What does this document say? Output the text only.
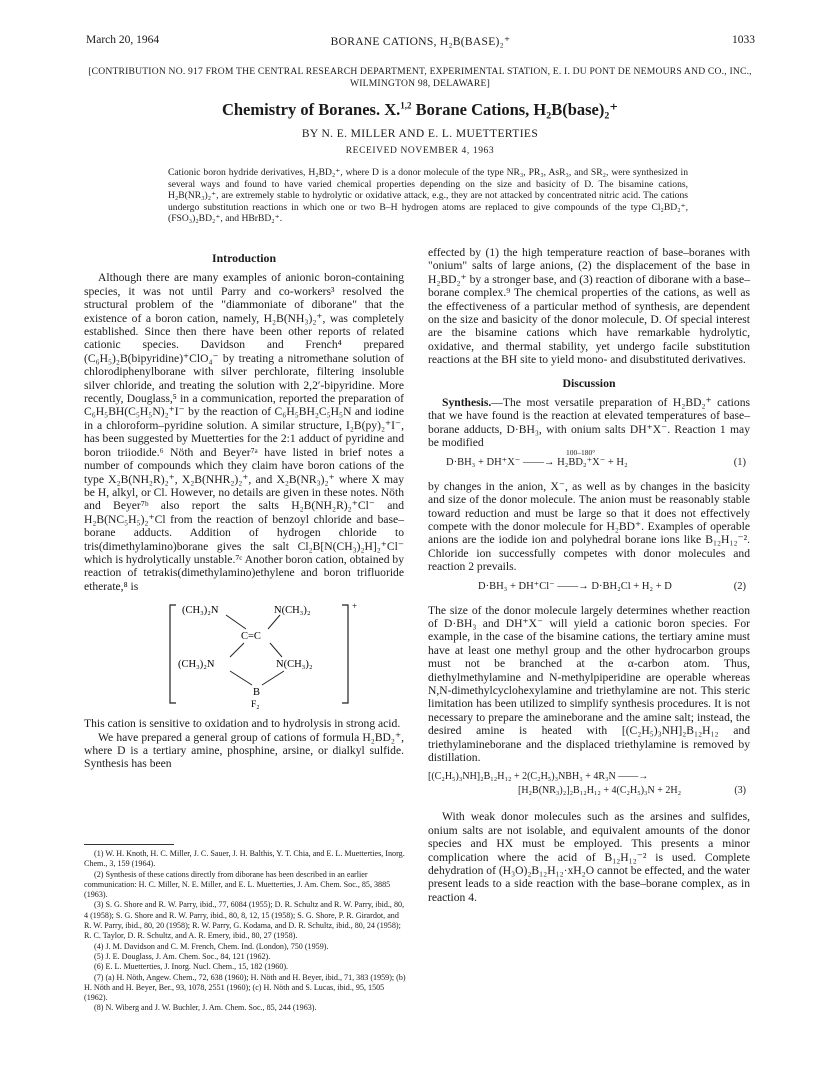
March 20, 1964	BORANE CATIONS, H₂B(BASE)₂⁺	1033
[CONTRIBUTION NO. 917 FROM THE CENTRAL RESEARCH DEPARTMENT, EXPERIMENTAL STATION, E. I. DU PONT DE NEMOURS AND CO., INC., WILMINGTON 98, DELAWARE]
Chemistry of Boranes. X.$^{1,2}$ Borane Cations, H₂B(base)₂⁺
BY N. E. MILLER AND E. L. MUETTERTIES
RECEIVED NOVEMBER 4, 1963
Cationic boron hydride derivatives, H₂BD₂⁺, where D is a donor molecule of the type NR₃, PR₃, AsR₃, and SR₂, were synthesized in several ways and found to have varied chemical properties depending on the size and basicity of D. The bisamine cations, H₂B(NR₃)₂⁺, are extremely stable to hydrolytic or oxidative attack, e.g., they are not attacked by concentrated nitric acid. The cations undergo substitution reactions in which one or two B–H hydrogen atoms are replaced to give compounds of the type Cl₂BD₂⁺, (FSO₃)₂BD₂⁺, and HBrBD₂⁺.
Introduction

Although there are many examples of anionic boron-containing species, it was not until Parry and co-workers³ resolved the structural problem of the "diammoniate of diborane" that the existence of a boron cation, namely, H₂B(NH₃)₂⁺, was completely established. Since then there have been other reports of related cationic species. Davidson and French⁴ prepared (C₆H₅)₂B(bipyridine)⁺ClO₄⁻ by treating a nitromethane solution of chlorodiphenylborane with silver perchlorate, filtering insoluble silver chloride, and treating the solution with 2,2′-bipyridine. More recently, Douglass,⁵ in a communication, reported the preparation of C₆H₅BH(C₅H₅N)₂⁺I⁻ by the reaction of C₆H₅BH₂C₅H₅N and iodine in a chloroform–pyridine solution. A similar structure, I₂B(py)₂⁺I⁻, has been suggested by Muetterties for the 2:1 adduct of pyridine and boron triiodide.⁶ Nöth and Beyer⁷ᵃ have listed in brief notes a number of compounds which they claim have boron cations of the type X₂B(NH₂R)₂⁺, X₂B(NHR₂)₂⁺, and X₂B(NR₃)₂⁺ where X may be H, alkyl, or Cl. However, no details are given in these notes. Nöth and Beyer⁷ᵇ also report the salts H₂B(NH₂R)₂⁺Cl⁻ and H₂B(NC₅H₅)₂⁺Cl from the reaction of benzoyl chloride and base–borane adducts. Addition of hydrogen chloride to tris(dimethylamino)borane gives the salt Cl₂B[N(CH₃)₂H]₂⁺Cl⁻ which is hydrolytically unstable.⁷ᶜ Another boron cation, obtained by reaction of tetrakis(dimethylamino)ethylene and boron trifluoride etherate,⁸ is

(CH₃)₂N	N(CH₃)₂
C=C
(CH₃)₂N	N(CH₃)₂
B
F₂
+

This cation is sensitive to oxidation and to hydrolysis in strong acid.

We have prepared a general group of cations of formula H₂BD₂⁺, where D is a tertiary amine, phosphine, arsine, or dialkyl sulfide. Synthesis has been

effected by (1) the high temperature reaction of base–boranes with "onium" salts of large anions, (2) the displacement of the base in H₂BD₂⁺ by a stronger base, and (3) reaction of diborane with a base–borane complex.⁹ The chemical properties of the cations, as well as the effectiveness of a particular method of synthesis, are dependent on the size and basicity of the donor molecule, D. Of special interest are the bisamine cations which have remarkable hydrolytic, oxidative, and thermal stability, yet undergo facile substitution reactions at the BH site to yield mono- and disubstituted derivatives.

Discussion

Synthesis.—The most versatile preparation of H₂BD₂⁺ cations that we have found is the reaction at elevated temperatures of base–borane adducts, D·BH₃, with onium salts DH⁺X⁻. Reaction 1 may be modified

100–180°
D·BH₃ + DH⁺X⁻ ——→ H₂BD₂⁺X⁻ + H₂	(1)

by changes in the anion, X⁻, as well as by changes in the basicity and size of the donor molecule. The anion must be reasonably stable toward reduction and must be large so that it does not effectively compete with the donor molecule for H₂BD⁺. Examples of operable anions are the iodide ion and polyhedral borane ions like B₁₂H₁₂⁻². Chloride ion successfully competes with donor molecules and reaction 2 prevails.

D·BH₃ + DH⁺Cl⁻ ——→ D·BH₂Cl + H₂ + D	(2)

The size of the donor molecule largely determines whether reaction of D·BH₃ and DH⁺X⁻ will yield a cationic boron species. For example, in the case of the bisamine cations, the tertiary amine must have at least one methyl group and the other hydrocarbon groups must not be branched at the α-carbon atom. Thus, diethylmethylamine and N-methylpiperidine are operable whereas N,N-dimethylcyclohexylamine and triethylamine are not. This steric limitation has been utilized to simplify synthesis procedures. It is not necessary to prepare the amineborane and the amine salt; instead, the desired amine is heated with [(C₂H₅)₃NH]₂B₁₂H₁₂ and triethylamineborane and the displaced triethylamine is removed by distillation.

[(C₂H₅)₃NH]₂B₁₂H₁₂ + 2(C₂H₅)₃NBH₃ + 4R₃N ——→
[H₂B(NR₃)₂]₂B₁₂H₁₂ + 4(C₂H₅)₃N + 2H₂	(3)

With weak donor molecules such as the arsines and sulfides, onium salts are not isolable, and equivalent amounts of the donor species and HX must be employed. This presents a minor complication where the acid of B₁₂H₁₂⁻² is used. Complete dehydration of (H₃O)₂B₁₂H₁₂·xH₂O cannot be effected, and the water present leads to a side reaction with the base–borane complex, as in reaction 4.

(1) W. H. Knoth, H. C. Miller, J. C. Sauer, J. H. Balthis, Y. T. Chia, and E. L. Muetterties, Inorg. Chem., 3, 159 (1964).
(2) Synthesis of these cations directly from diborane has been described in an earlier communication: H. C. Miller, N. E. Miller, and E. L. Muetterties, J. Am. Chem. Soc., 85, 3885 (1963).
(3) S. G. Shore and R. W. Parry, ibid., 77, 6084 (1955); D. R. Schultz and R. W. Parry, ibid., 80, 4 (1958); S. G. Shore and R. W. Parry, ibid., 80, 8, 12, 15 (1958); S. G. Shore, P. R. Girardot, and R. W. Parry, ibid., 80, 20 (1958); R. W. Parry, G. Kodama, and D. R. Schultz, ibid., 80, 24 (1958); R. C. Taylor, D. R. Schultz, and A. R. Emery, ibid., 80, 27 (1958).
(4) J. M. Davidson and C. M. French, Chem. Ind. (London), 750 (1959).
(5) J. E. Douglass, J. Am. Chem. Soc., 84, 121 (1962).
(6) E. L. Muetterties, J. Inorg. Nucl. Chem., 15, 182 (1960).
(7) (a) H. Nöth, Angew. Chem., 72, 638 (1960); H. Nöth and H. Beyer, ibid., 71, 383 (1959); (b) H. Nöth and H. Beyer, Ber., 93, 1078, 2551 (1960); (c) H. Nöth and S. Lucas, ibid., 95, 1505 (1962).
(8) N. Wiberg and J. W. Buchler, J. Am. Chem. Soc., 85, 244 (1963).
